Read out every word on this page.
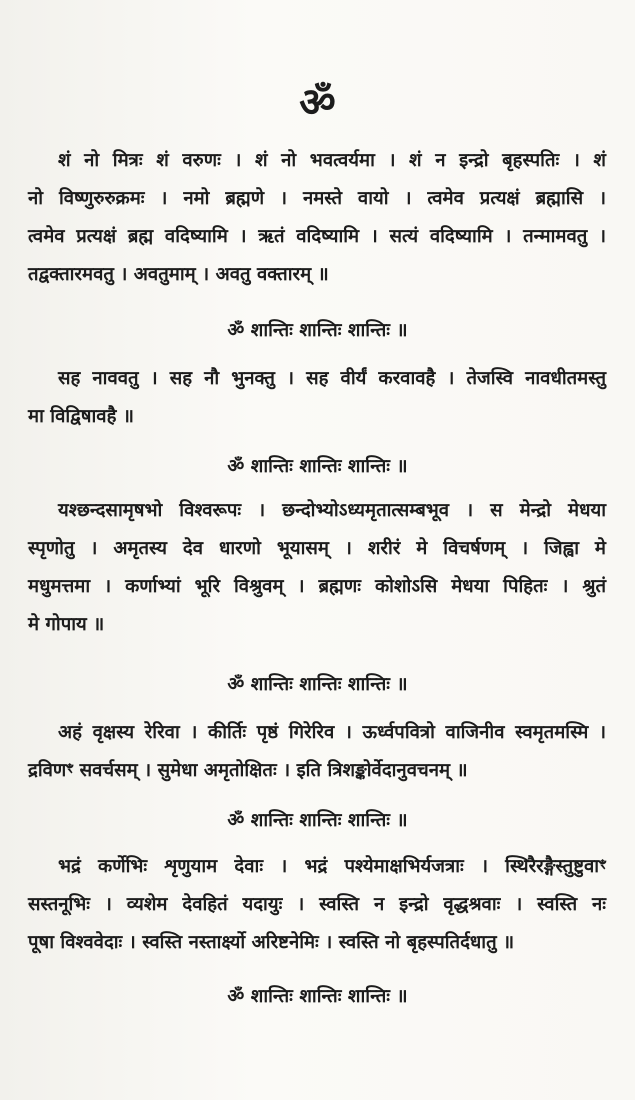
ॐ
शं नो मित्रः शं वरुणः । शं नो भवत्वर्यमा । शं न इन्द्रो बृहस्पतिः । शं
नो विष्णुरुरुक्रमः । नमो ब्रह्मणे । नमस्ते वायो । त्वमेव प्रत्यक्षं ब्रह्मासि ।
त्वमेव प्रत्यक्षं ब्रह्म वदिष्यामि । ऋतं वदिष्यामि । सत्यं वदिष्यामि । तन्मामवतु ।
तद्वक्तारमवतु । अवतुमाम् । अवतु वक्तारम् ॥
ॐ शान्तिः शान्तिः शान्तिः ॥
सह नाववतु । सह नौ भुनक्तु । सह वीर्यं करवावहै । तेजस्वि नावधीतमस्तु
मा विद्विषावहै ॥
ॐ शान्तिः शान्तिः शान्तिः ॥
यश्छन्दसामृषभो विश्वरूपः । छन्दोभ्योऽध्यमृतात्सम्बभूव । स मेन्द्रो मेधया
स्पृणोतु । अमृतस्य देव धारणो भूयासम् । शरीरं मे विचर्षणम् । जिह्वा मे
मधुमत्तमा । कर्णाभ्यां भूरि विश्रुवम् । ब्रह्मणः कोशोऽसि मेधया पिहितः । श्रुतं
मे गोपाय ॥
ॐ शान्तिः शान्तिः शान्तिः ॥
अहं वृक्षस्य रेरिवा । कीर्तिः पृष्ठं गिरेरिव । ऊर्ध्वपवित्रो वाजिनीव स्वमृतमस्मि ।
द्रविणꣳ सवर्चसम् । सुमेधा अमृतोक्षितः । इति त्रिशङ्कोर्वेदानुवचनम् ॥
ॐ शान्तिः शान्तिः शान्तिः ॥
भद्रं कर्णेभिः शृणुयाम देवाः । भद्रं पश्येमाक्षभिर्यजत्राः । स्थिरैरङ्गैस्तुष्टुवाꣳ
सस्तनूभिः । व्यशेम देवहितं यदायुः । स्वस्ति न इन्द्रो वृद्धश्रवाः । स्वस्ति नः
पूषा विश्ववेदाः । स्वस्ति नस्तार्क्ष्यो अरिष्टनेमिः । स्वस्ति नो बृहस्पतिर्दधातु ॥
ॐ शान्तिः शान्तिः शान्तिः ॥
